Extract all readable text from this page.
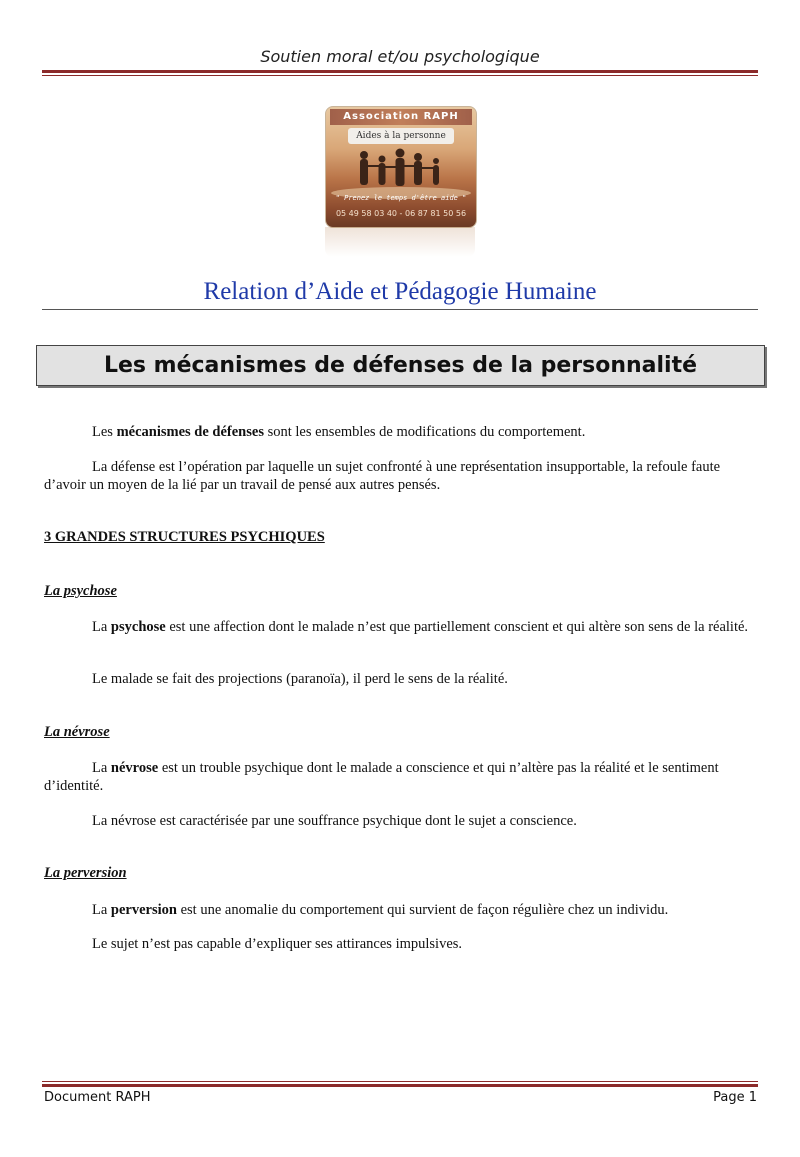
Soutien moral et/ou psychologique
Association RAPH
Aides à la personne
" Prenez le temps d'être aide "
05 49 58 03 40 - 06 87 81 50 56
Relation d’Aide et Pédagogie Humaine
Les mécanismes de défenses de la personnalité
Les mécanismes de défenses sont les ensembles de modifications du comportement.
La défense est l’opération par laquelle un sujet confronté à une représentation insupportable, la refoule faute d’avoir un moyen de la lié par un travail de pensé aux autres pensés.
3 GRANDES STRUCTURES PSYCHIQUES
La psychose
La psychose est une affection dont le malade n’est que partiellement conscient et qui altère son sens de la réalité.
Le malade se fait des projections (paranoïa), il perd le sens de la réalité.
La névrose
La névrose est un trouble psychique dont le malade a conscience et qui n’altère pas la réalité et le sentiment d’identité.
La névrose est caractérisée par une souffrance psychique dont le sujet a conscience.
La perversion
La perversion est une anomalie du comportement qui survient de façon régulière chez un individu.
Le sujet n’est pas capable d’expliquer ses attirances impulsives.
Document RAPH	Page 1
